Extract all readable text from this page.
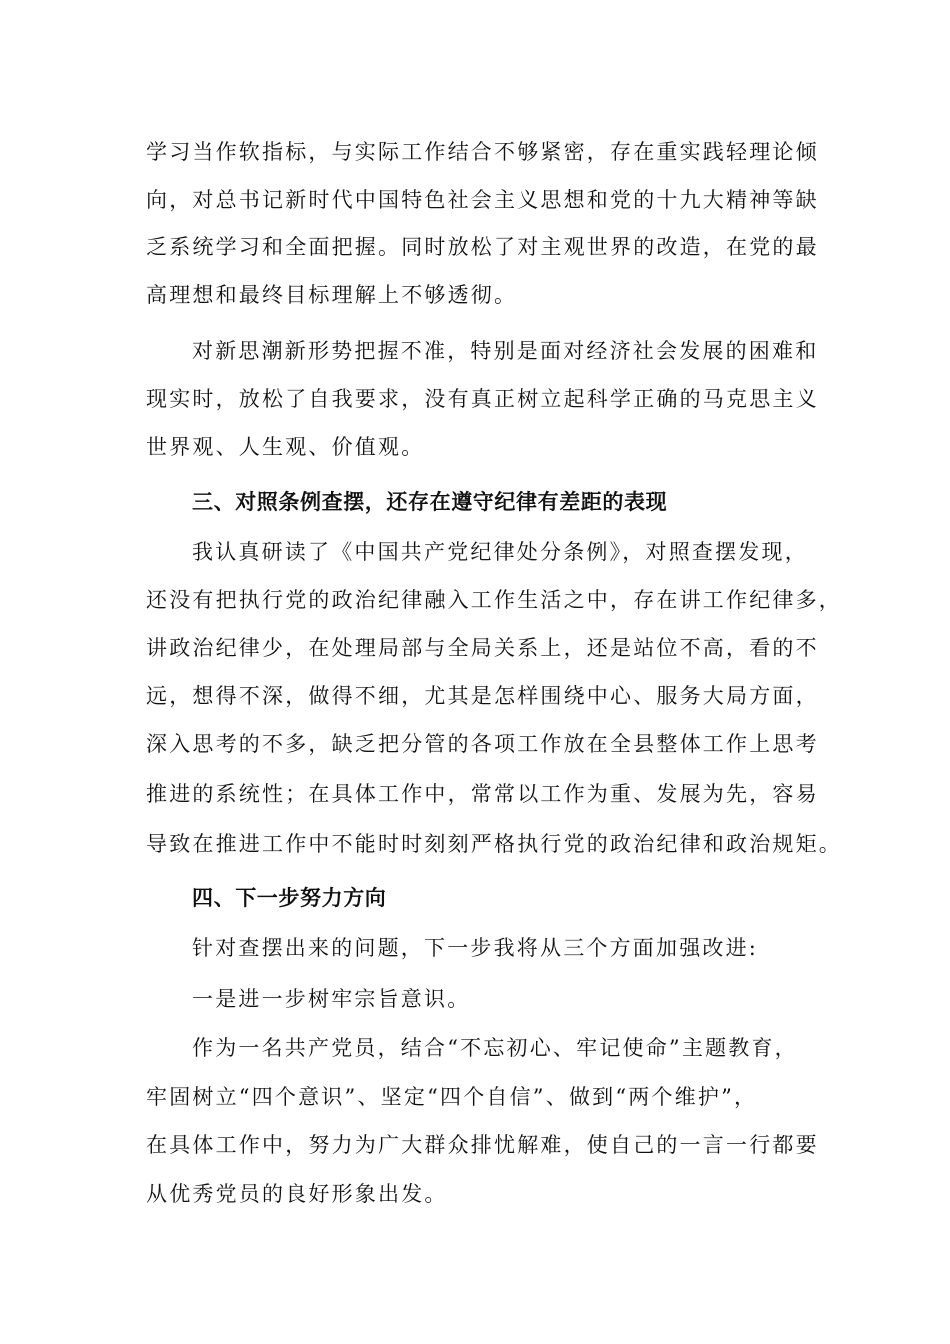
学习当作软指标，与实际工作结合不够紧密，存在重实践轻理论倾
向，对总书记新时代中国特色社会主义思想和党的十九大精神等缺
乏系统学习和全面把握。同时放松了对主观世界的改造，在党的最
高理想和最终目标理解上不够透彻。
对新思潮新形势把握不准，特别是面对经济社会发展的困难和
现实时，放松了自我要求，没有真正树立起科学正确的马克思主义
世界观、人生观、价值观。
三、对照条例查摆，还存在遵守纪律有差距的表现
我认真研读了《中国共产党纪律处分条例》，对照查摆发现，
还没有把执行党的政治纪律融入工作生活之中，存在讲工作纪律多，
讲政治纪律少，在处理局部与全局关系上，还是站位不高，看的不
远，想得不深，做得不细，尤其是怎样围绕中心、服务大局方面，
深入思考的不多，缺乏把分管的各项工作放在全县整体工作上思考
推进的系统性；在具体工作中，常常以工作为重、发展为先，容易
导致在推进工作中不能时时刻刻严格执行党的政治纪律和政治规矩。
四、下一步努力方向
针对查摆出来的问题，下一步我将从三个方面加强改进:
一是进一步树牢宗旨意识。
作为一名共产党员，结合“不忘初心、牢记使命”主题教育，
牢固树立“四个意识”、坚定“四个自信”、做到“两个维护”，
在具体工作中，努力为广大群众排忧解难，使自己的一言一行都要
从优秀党员的良好形象出发。
